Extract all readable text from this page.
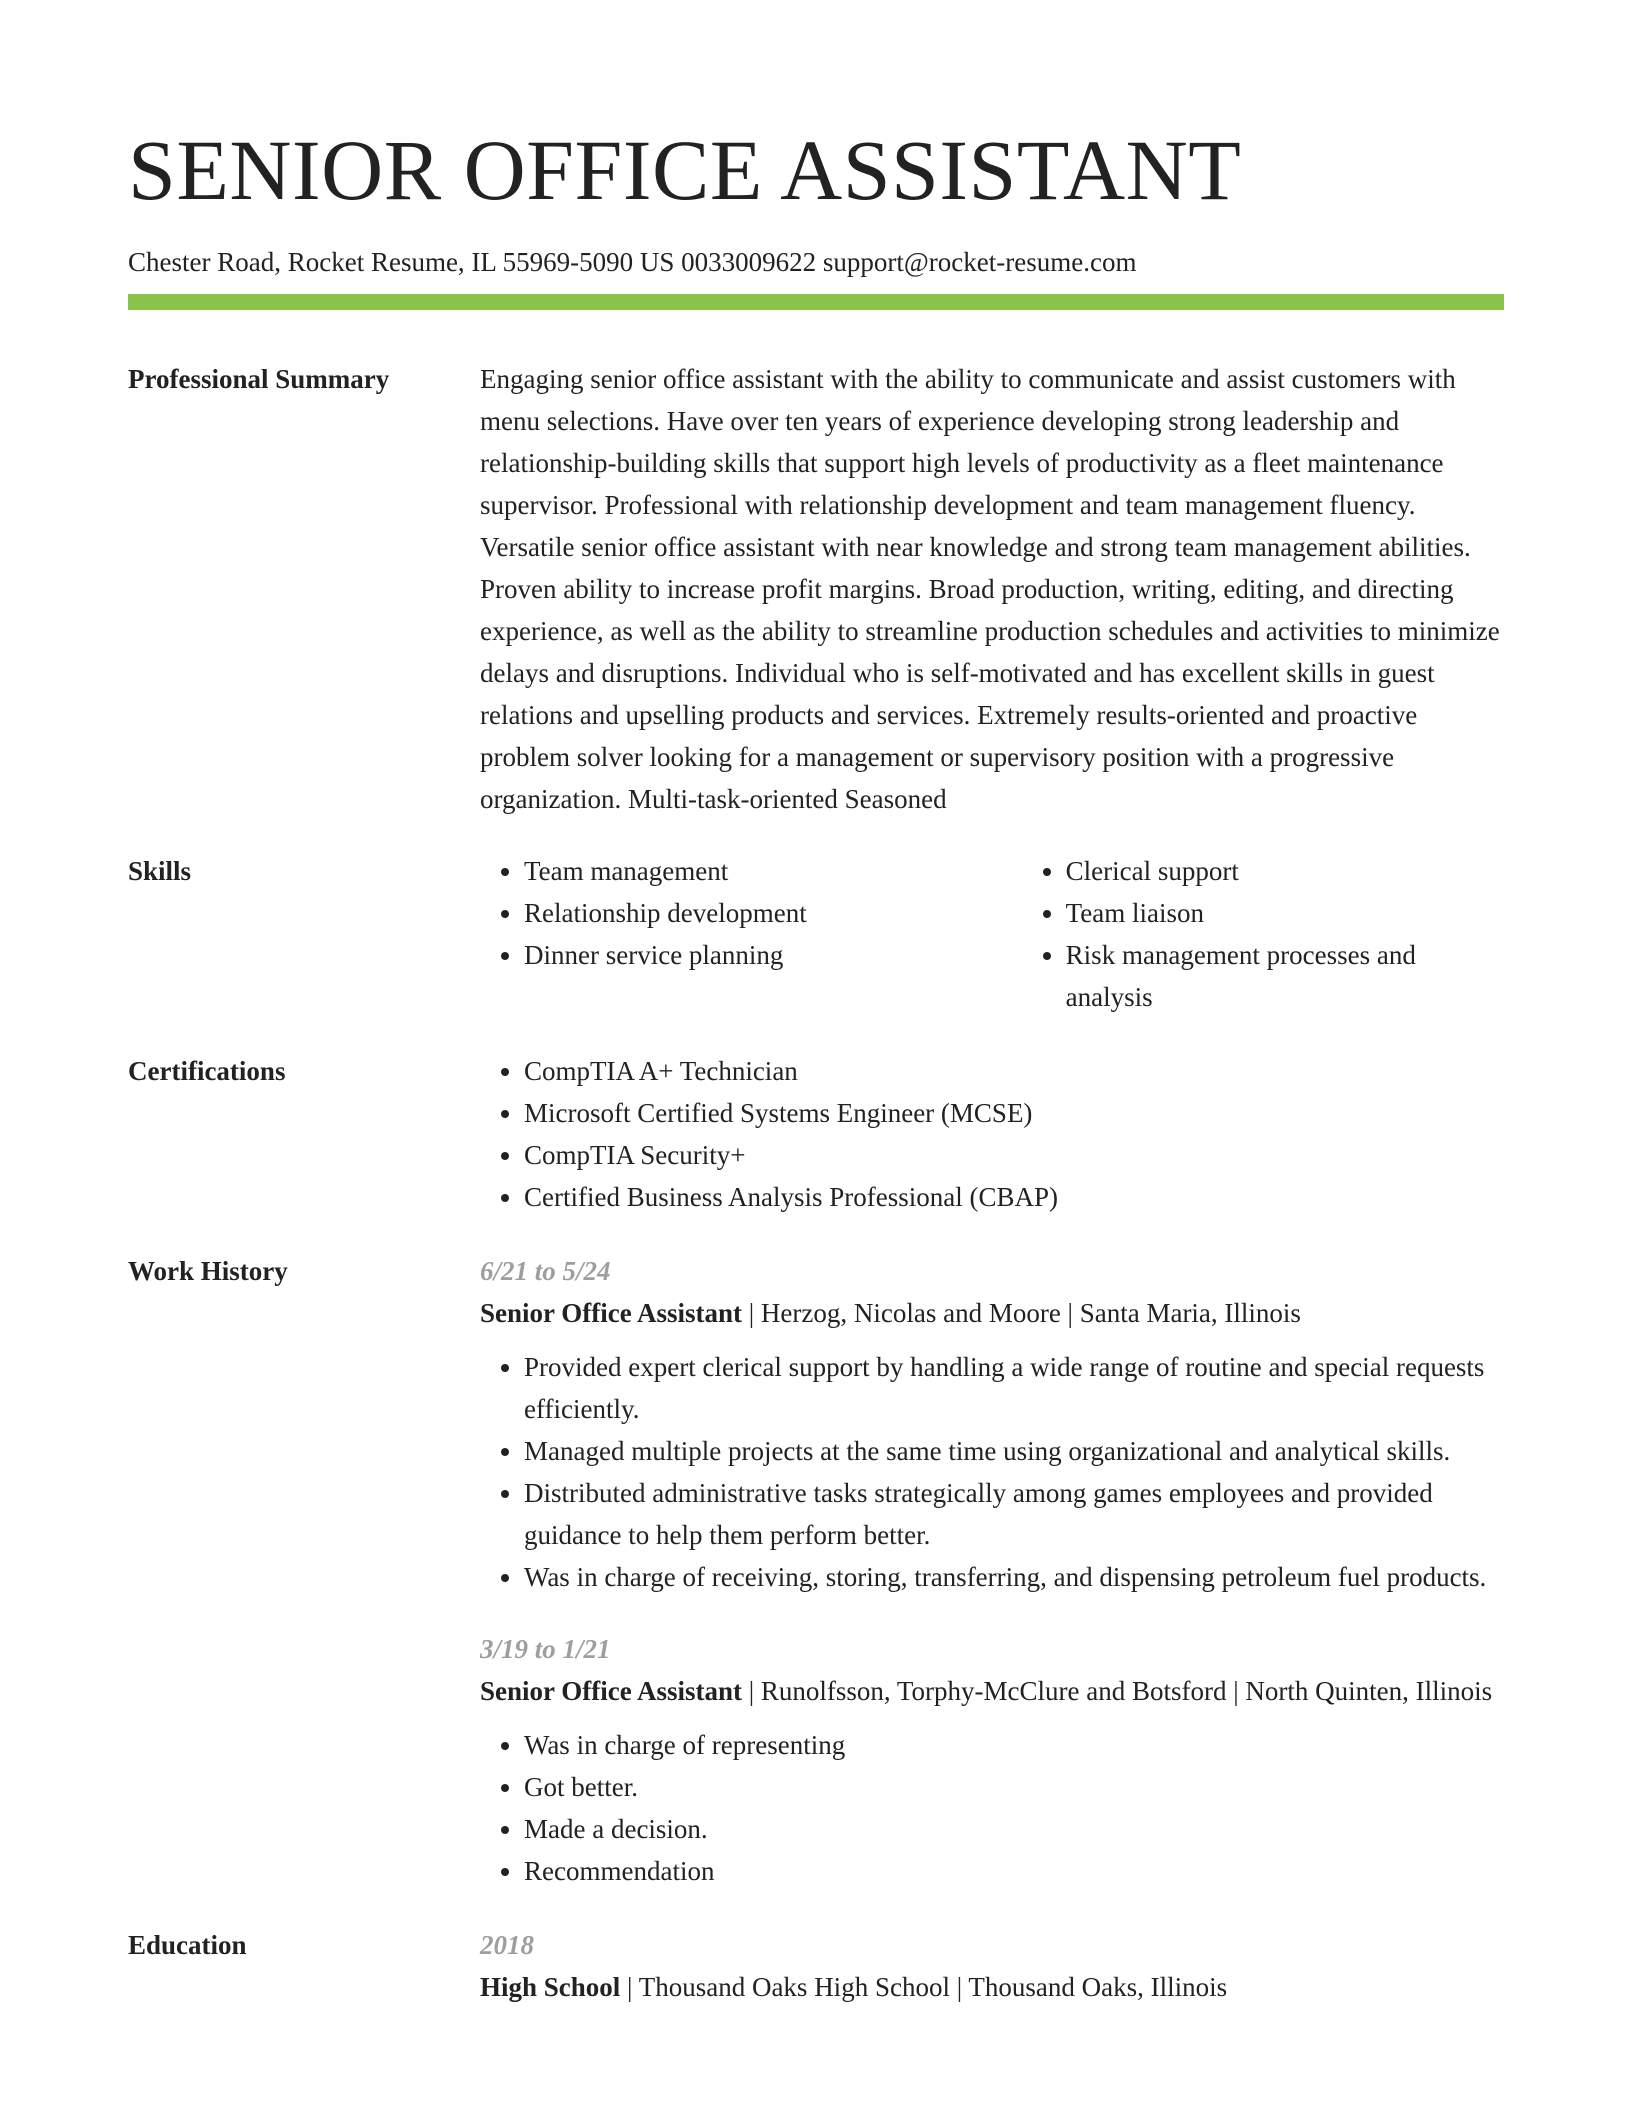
SENIOR OFFICE ASSISTANT
Chester Road, Rocket Resume, IL 55969-5090 US 0033009622 support@rocket-resume.com
Professional Summary	Engaging senior office assistant with the ability to communicate and assist customers with menu selections. Have over ten years of experience developing strong leadership and relationship-building skills that support high levels of productivity as a fleet maintenance supervisor. Professional with relationship development and team management fluency. Versatile senior office assistant with near knowledge and strong team management abilities. Proven ability to increase profit margins. Broad production, writing, editing, and directing experience, as well as the ability to streamline production schedules and activities to minimize delays and disruptions. Individual who is self-motivated and has excellent skills in guest relations and upselling products and services. Extremely results-oriented and proactive problem solver looking for a management or supervisory position with a progressive organization. Multi-task-oriented Seasoned

Skills	• Team management
• Relationship development
• Dinner service planning
• Clerical support
• Team liaison
• Risk management processes and analysis
Certifications	• CompTIA A+ Technician
• Microsoft Certified Systems Engineer (MCSE)
• CompTIA Security+
• Certified Business Analysis Professional (CBAP)
Work History	6/21 to 5/24
Senior Office Assistant | Herzog, Nicolas and Moore | Santa Maria, Illinois
• Provided expert clerical support by handling a wide range of routine and special requests efficiently.
• Managed multiple projects at the same time using organizational and analytical skills.
• Distributed administrative tasks strategically among games employees and provided guidance to help them perform better.
• Was in charge of receiving, storing, transferring, and dispensing petroleum fuel products.
3/19 to 1/21
Senior Office Assistant | Runolfsson, Torphy-McClure and Botsford | North Quinten, Illinois
• Was in charge of representing
• Got better.
• Made a decision.
• Recommendation
Education	2018
High School | Thousand Oaks High School | Thousand Oaks, Illinois
